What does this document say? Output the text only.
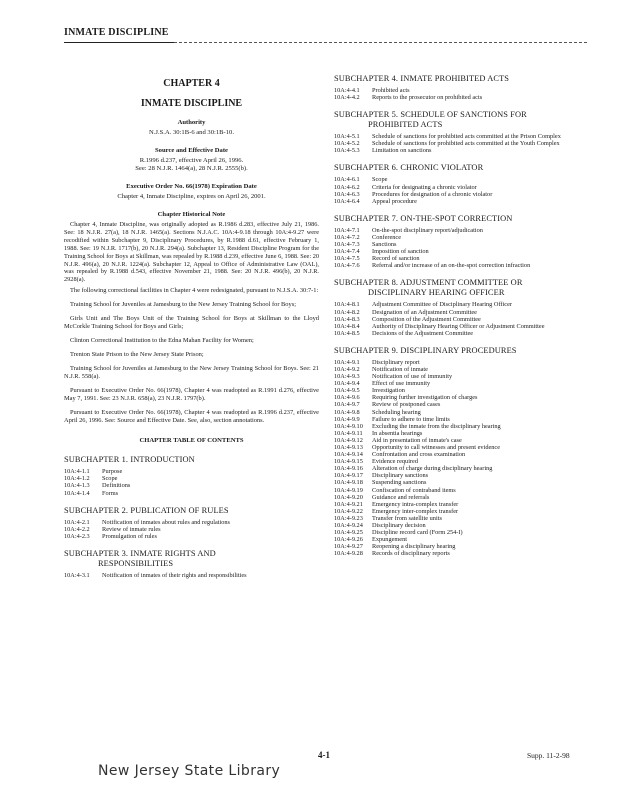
INMATE DISCIPLINE
CHAPTER 4
INMATE DISCIPLINE
Authority
N.J.S.A. 30:1B-6 and 30:1B-10.
Source and Effective Date
R.1996 d.237, effective April 26, 1996.
See: 28 N.J.R. 1464(a), 28 N.J.R. 2555(b).
Executive Order No. 66(1978) Expiration Date
Chapter 4, Inmate Discipline, expires on April 26, 2001.
Chapter Historical Note

Chapter 4, Inmate Discipline, was originally adopted as R.1986 d.283, effective July 21, 1986. See: 18 N.J.R. 27(a), 18 N.J.R. 1465(a). Sections N.J.A.C. 10A:4-9.18 through 10A:4-9.27 were recodified within Subchapter 9, Disciplinary Procedures, by R.1988 d.61, effective February 1, 1988. See: 19 N.J.R. 1717(b), 20 N.J.R. 294(a). Subchapter 13, Resident Discipline Program for the Training School for Boys at Skillman, was repealed by R.1988 d.239, effective June 6, 1988. See: 20 N.J.R. 496(a), 20 N.J.R. 1224(a). Subchapter 12, Appeal to Office of Administrative Law (OAL), was repealed by R.1988 d.543, effective November 21, 1988. See: 20 N.J.R. 496(b), 20 N.J.R. 2928(a).

The following correctional facilities in Chapter 4 were redesignated, pursuant to N.J.S.A. 30:7-1:

Training School for Juveniles at Jamesburg to the New Jersey Training School for Boys;

Girls Unit and The Boys Unit of the Training School for Boys at Skillman to the Lloyd McCorkle Training School for Boys and Girls;

Clinton Correctional Institution to the Edna Mahan Facility for Women;

Trenton State Prison to the New Jersey State Prison;

Training School for Juveniles at Jamesburg to the New Jersey Training School for Boys. See: 21 N.J.R. 558(a).

Pursuant to Executive Order No. 66(1978), Chapter 4 was readopted as R.1991 d.276, effective May 7, 1991. See: 23 N.J.R. 658(a), 23 N.J.R. 1797(b).

Pursuant to Executive Order No. 66(1978), Chapter 4 was readopted as R.1996 d.237, effective April 26, 1996. See: Source and Effective Date. See, also, section annotations.

CHAPTER TABLE OF CONTENTS
SUBCHAPTER 1. INTRODUCTION
10A:4-1.1	Purpose
10A:4-1.2	Scope
10A:4-1.3	Definitions
10A:4-1.4	Forms
SUBCHAPTER 2. PUBLICATION OF RULES
10A:4-2.1	Notification of inmates about rules and regulations
10A:4-2.2	Review of inmate rules
10A:4-2.3	Promulgation of rules
SUBCHAPTER 3. INMATE RIGHTS AND
RESPONSIBILITIES
10A:4-3.1	Notification of inmates of their rights and responsibilities
SUBCHAPTER 4. INMATE PROHIBITED ACTS
10A:4-4.1	Prohibited acts
10A:4-4.2	Reports to the prosecutor on prohibited acts
SUBCHAPTER 5. SCHEDULE OF SANCTIONS FOR
PROHIBITED ACTS
10A:4-5.1	Schedule of sanctions for prohibited acts committed at the Prison Complex
10A:4-5.2	Schedule of sanctions for prohibited acts committed at the Youth Complex
10A:4-5.3	Limitation on sanctions
SUBCHAPTER 6. CHRONIC VIOLATOR
10A:4-6.1	Scope
10A:4-6.2	Criteria for designating a chronic violator
10A:4-6.3	Procedures for designation of a chronic violator
10A:4-6.4	Appeal procedure
SUBCHAPTER 7. ON-THE-SPOT CORRECTION
10A:4-7.1	On-the-spot disciplinary report/adjudication
10A:4-7.2	Conference
10A:4-7.3	Sanctions
10A:4-7.4	Imposition of sanction
10A:4-7.5	Record of sanction
10A:4-7.6	Referral and/or increase of an on-the-spot correction infraction
SUBCHAPTER 8. ADJUSTMENT COMMITTEE OR
DISCIPLINARY HEARING OFFICER
10A:4-8.1	Adjustment Committee of Disciplinary Hearing Officer
10A:4-8.2	Designation of an Adjustment Committee
10A:4-8.3	Composition of the Adjustment Committee
10A:4-8.4	Authority of Disciplinary Hearing Officer or Adjustment Committee
10A:4-8.5	Decisions of the Adjustment Committee
SUBCHAPTER 9. DISCIPLINARY PROCEDURES
10A:4-9.1	Disciplinary report
10A:4-9.2	Notification of inmate
10A:4-9.3	Notification of use of immunity
10A:4-9.4	Effect of use immunity
10A:4-9.5	Investigation
10A:4-9.6	Requiring further investigation of charges
10A:4-9.7	Review of postponed cases
10A:4-9.8	Scheduling hearing
10A:4-9.9	Failure to adhere to time limits
10A:4-9.10	Excluding the inmate from the disciplinary hearing
10A:4-9.11	In absentia hearings
10A:4-9.12	Aid in presentation of inmate's case
10A:4-9.13	Opportunity to call witnesses and present evidence
10A:4-9.14	Confrontation and cross examination
10A:4-9.15	Evidence required
10A:4-9.16	Alteration of charge during disciplinary hearing
10A:4-9.17	Disciplinary sanctions
10A:4-9.18	Suspending sanctions
10A:4-9.19	Confiscation of contraband items
10A:4-9.20	Guidance and referrals
10A:4-9.21	Emergency intra-complex transfer
10A:4-9.22	Emergency inter-complex transfer
10A:4-9.23	Transfer from satellite units
10A:4-9.24	Disciplinary decision
10A:4-9.25	Discipline record card (Form 254-I)
10A:4-9.26	Expungement
10A:4-9.27	Reopening a disciplinary hearing
10A:4-9.28	Records of disciplinary reports
4-1	Supp. 11-2-98
New Jersey State Library
